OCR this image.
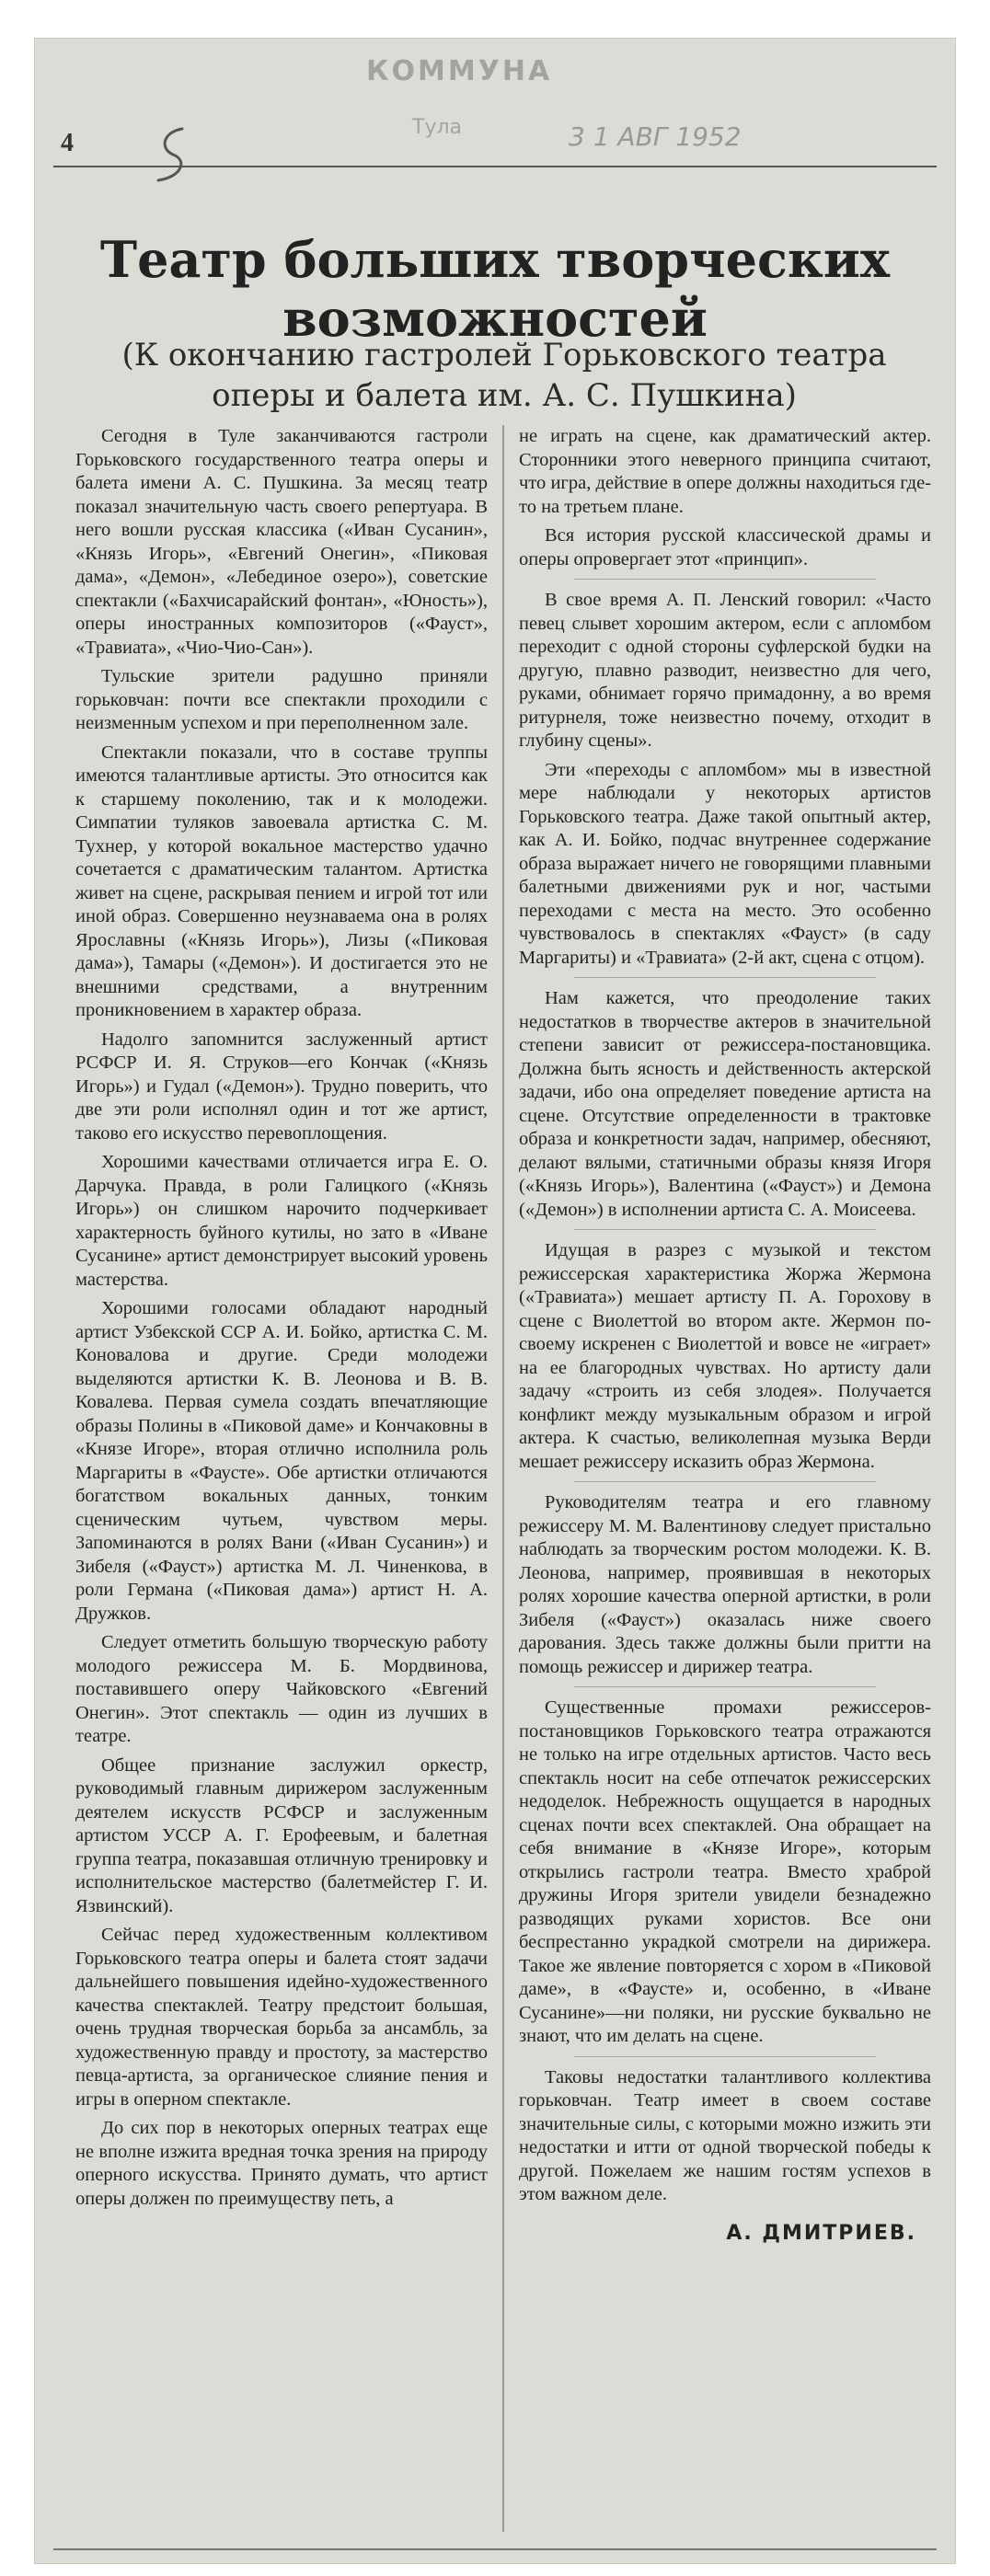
КОММУНА
Тула	3 1 АВГ 1952
4
Театр больших творческих возможностей
(К окончанию гастролей Горьковского театра оперы и балета им. А. С. Пушкина)

Сегодня в Туле заканчиваются гастроли Горьковского государственного театра оперы и балета имени А. С. Пушкина. За месяц театр показал значительную часть своего репертуара. В него вошли русская классика («Иван Сусанин», «Князь Игорь», «Евгений Онегин», «Пиковая дама», «Демон», «Лебединое озеро»), советские спектакли («Бахчисарайский фонтан», «Юность»), оперы иностранных композиторов («Фауст», «Травиата», «Чио-Чио-Сан»).

Тульские зрители радушно приняли горьковчан: почти все спектакли проходили с неизменным успехом и при переполненном зале.

Спектакли показали, что в составе труппы имеются талантливые артисты. Это относится как к старшему поколению, так и к молодежи. Симпатии туляков завоевала артистка С. М. Тухнер, у которой вокальное мастерство удачно сочетается с драматическим талантом. Артистка живет на сцене, раскрывая пением и игрой тот или иной образ. Совершенно неузнаваема она в ролях Ярославны («Князь Игорь»), Лизы («Пиковая дама»), Тамары («Демон»). И достигается это не внешними средствами, а внутренним проникновением в характер образа.

Надолго запомнится заслуженный артист РСФСР И. Я. Струков—его Кончак («Князь Игорь») и Гудал («Демон»). Трудно поверить, что две эти роли исполнял один и тот же артист, таково его искусство перевоплощения.

Хорошими качествами отличается игра Е. О. Дарчука. Правда, в роли Галицкого («Князь Игорь») он слишком нарочито подчеркивает характерность буйного кутилы, но зато в «Иване Сусанине» артист демонстрирует высокий уровень мастерства.

Хорошими голосами обладают народный артист Узбекской ССР А. И. Бойко, артистка С. М. Коновалова и другие. Среди молодежи выделяются артистки К. В. Леонова и В. В. Ковалева. Первая сумела создать впечатляющие образы Полины в «Пиковой даме» и Кончаковны в «Князе Игоре», вторая отлично исполнила роль Маргариты в «Фаусте». Обе артистки отличаются богатством вокальных данных, тонким сценическим чутьем, чувством меры. Запоминаются в ролях Вани («Иван Сусанин») и Зибеля («Фауст») артистка М. Л. Чиненкова, в роли Германа («Пиковая дама») артист Н. А. Дружков.

Следует отметить большую творческую работу молодого режиссера М. Б. Мордвинова, поставившего оперу Чайковского «Евгений Онегин». Этот спектакль — один из лучших в театре.

Общее признание заслужил оркестр, руководимый главным дирижером заслуженным деятелем искусств РСФСР и заслуженным артистом УССР А. Г. Ерофеевым, и балетная группа театра, показавшая отличную тренировку и исполнительское мастерство (балетмейстер Г. И. Язвинский).

Сейчас перед художественным коллективом Горьковского театра оперы и балета стоят задачи дальнейшего повышения идейно-художественного качества спектаклей. Театру предстоит большая, очень трудная творческая борьба за ансамбль, за художественную правду и простоту, за мастерство певца-артиста, за органическое слияние пения и игры в оперном спектакле.

До сих пор в некоторых оперных театрах еще не вполне изжита вредная точка зрения на природу оперного искусства. Принято думать, что артист оперы должен по преимуществу петь, а

не играть на сцене, как драматический актер. Сторонники этого неверного принципа считают, что игра, действие в опере должны находиться где-то на третьем плане.

Вся история русской классической драмы и оперы опровергает этот «принцип».

В свое время А. П. Ленский говорил: «Часто певец слывет хорошим актером, если с апломбом переходит с одной стороны суфлерской будки на другую, плавно разводит, неизвестно для чего, руками, обнимает горячо примадонну, а во время ритурнеля, тоже неизвестно почему, отходит в глубину сцены».

Эти «переходы с апломбом» мы в известной мере наблюдали у некоторых артистов Горьковского театра. Даже такой опытный актер, как А. И. Бойко, подчас внутреннее содержание образа выражает ничего не говорящими плавными балетными движениями рук и ног, частыми переходами с места на место. Это особенно чувствовалось в спектаклях «Фауст» (в саду Маргариты) и «Травиата» (2-й акт, сцена с отцом).

Нам кажется, что преодоление таких недостатков в творчестве актеров в значительной степени зависит от режиссера-постановщика. Должна быть ясность и действенность актерской задачи, ибо она определяет поведение артиста на сцене. Отсутствие определенности в трактовке образа и конкретности задач, например, обесняют, делают вялыми, статичными образы князя Игоря («Князь Игорь»), Валентина («Фауст») и Демона («Демон») в исполнении артиста С. А. Моисеева.

Идущая в разрез с музыкой и текстом режиссерская характеристика Жоржа Жермона («Травиата») мешает артисту П. А. Горохову в сцене с Виолеттой во втором акте. Жермон по-своему искренен с Виолеттой и вовсе не «играет» на ее благородных чувствах. Но артисту дали задачу «строить из себя злодея». Получается конфликт между музыкальным образом и игрой актера. К счастью, великолепная музыка Верди мешает режиссеру исказить образ Жермона.

Руководителям театра и его главному режиссеру М. М. Валентинову следует пристально наблюдать за творческим ростом молодежи. К. В. Леонова, например, проявившая в некоторых ролях хорошие качества оперной артистки, в роли Зибеля («Фауст») оказалась ниже своего дарования. Здесь также должны были притти на помощь режиссер и дирижер театра.

Существенные промахи режиссеров-постановщиков Горьковского театра отражаются не только на игре отдельных артистов. Часто весь спектакль носит на себе отпечаток режиссерских недоделок. Небрежность ощущается в народных сценах почти всех спектаклей. Она обращает на себя внимание в «Князе Игоре», которым открылись гастроли театра. Вместо храброй дружины Игоря зрители увидели безнадежно разводящих руками хористов. Все они беспрестанно украдкой смотрели на дирижера. Такое же явление повторяется с хором в «Пиковой даме», в «Фаусте» и, особенно, в «Иване Сусанине»—ни поляки, ни русские буквально не знают, что им делать на сцене.

Таковы недостатки талантливого коллектива горьковчан. Театр имеет в своем составе значительные силы, с которыми можно изжить эти недостатки и итти от одной творческой победы к другой. Пожелаем же нашим гостям успехов в этом важном деле.

А. ДМИТРИЕВ.
